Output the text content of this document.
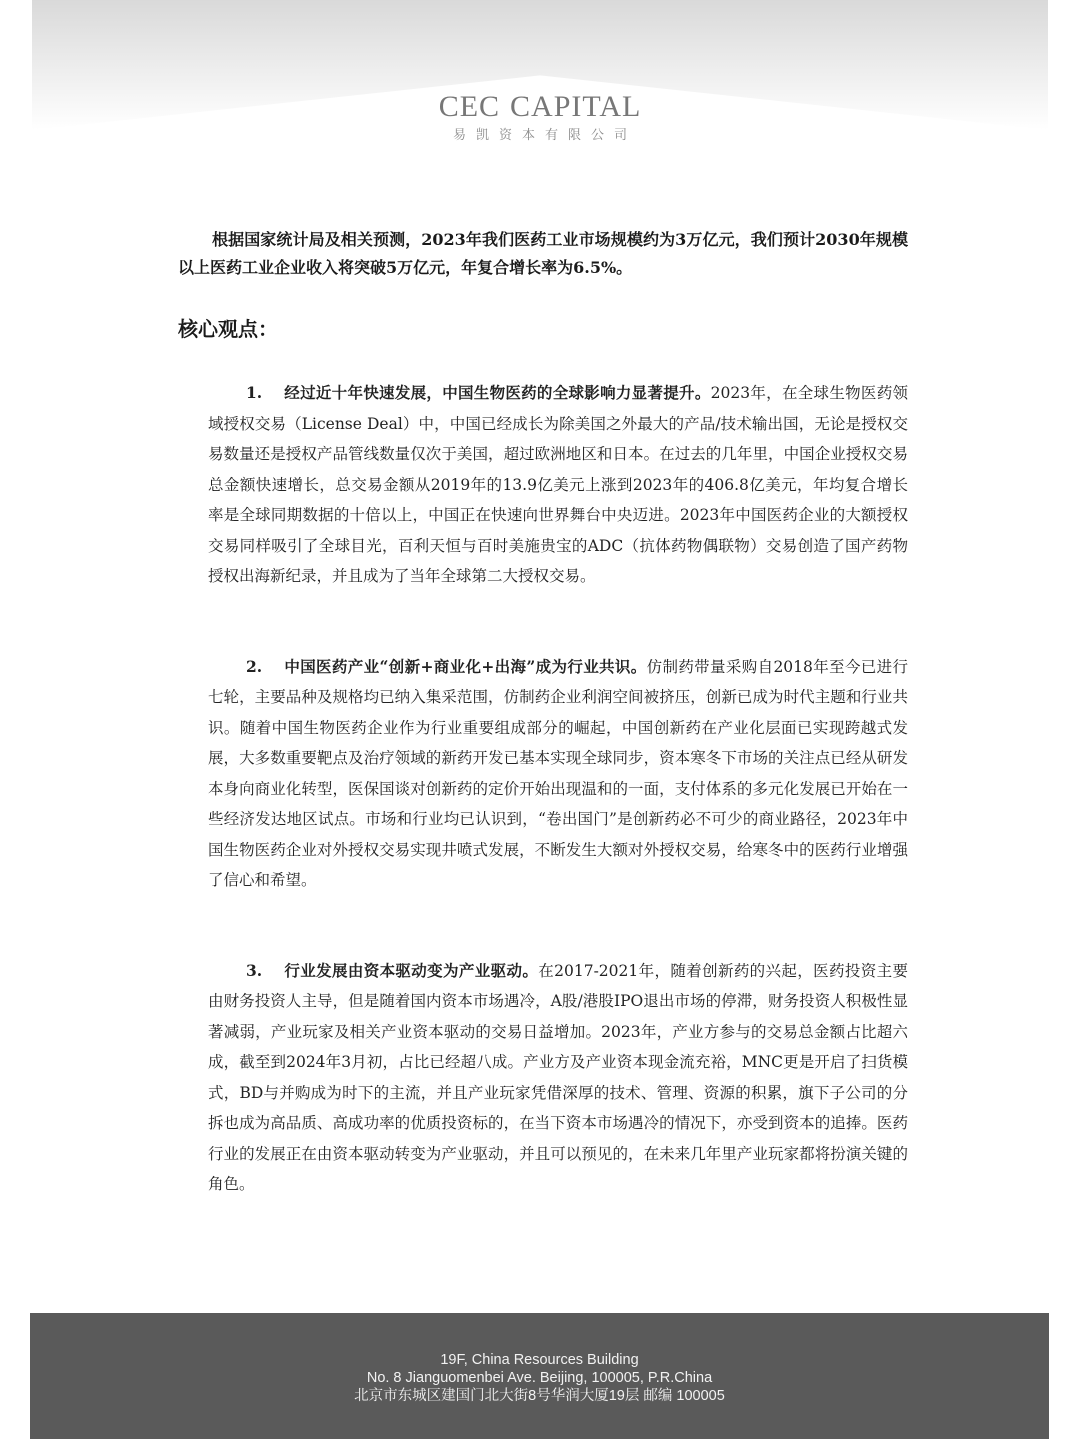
CEC CAPITAL
易凯资本有限公司

根据国家统计局及相关预测，2023年我们医药工业市场规模约为3万亿元，我们预计2030年规模以上医药工业企业收入将突破5万亿元，年复合增长率为6.5%。

核心观点：

1. 经过近十年快速发展，中国生物医药的全球影响力显著提升。2023年，在全球生物医药领域授权交易（License Deal）中，中国已经成长为除美国之外最大的产品/技术输出国，无论是授权交易数量还是授权产品管线数量仅次于美国，超过欧洲地区和日本。在过去的几年里，中国企业授权交易总金额快速增长，总交易金额从2019年的13.9亿美元上涨到2023年的406.8亿美元，年均复合增长率是全球同期数据的十倍以上，中国正在快速向世界舞台中央迈进。2023年中国医药企业的大额授权交易同样吸引了全球目光，百利天恒与百时美施贵宝的ADC（抗体药物偶联物）交易创造了国产药物授权出海新纪录，并且成为了当年全球第二大授权交易。

2. 中国医药产业“创新+商业化+出海”成为行业共识。仿制药带量采购自2018年至今已进行七轮，主要品种及规格均已纳入集采范围，仿制药企业利润空间被挤压，创新已成为时代主题和行业共识。随着中国生物医药企业作为行业重要组成部分的崛起，中国创新药在产业化层面已实现跨越式发展，大多数重要靶点及治疗领域的新药开发已基本实现全球同步，资本寒冬下市场的关注点已经从研发本身向商业化转型，医保国谈对创新药的定价开始出现温和的一面，支付体系的多元化发展已开始在一些经济发达地区试点。市场和行业均已认识到，“卷出国门”是创新药必不可少的商业路径，2023年中国生物医药企业对外授权交易实现井喷式发展，不断发生大额对外授权交易，给寒冬中的医药行业增强了信心和希望。

3. 行业发展由资本驱动变为产业驱动。在2017-2021年，随着创新药的兴起，医药投资主要由财务投资人主导，但是随着国内资本市场遇冷，A股/港股IPO退出市场的停滞，财务投资人积极性显著减弱，产业玩家及相关产业资本驱动的交易日益增加。2023年，产业方参与的交易总金额占比超六成，截至到2024年3月初，占比已经超八成。产业方及产业资本现金流充裕，MNC更是开启了扫货模式，BD与并购成为时下的主流，并且产业玩家凭借深厚的技术、管理、资源的积累，旗下子公司的分拆也成为高品质、高成功率的优质投资标的，在当下资本市场遇冷的情况下，亦受到资本的追捧。医药行业的发展正在由资本驱动转变为产业驱动，并且可以预见的，在未来几年里产业玩家都将扮演关键的角色。

19F, China Resources Building
No. 8 Jianguomenbei Ave. Beijing, 100005, P.R.China
北京市东城区建国门北大街8号华润大厦19层 邮编 100005
